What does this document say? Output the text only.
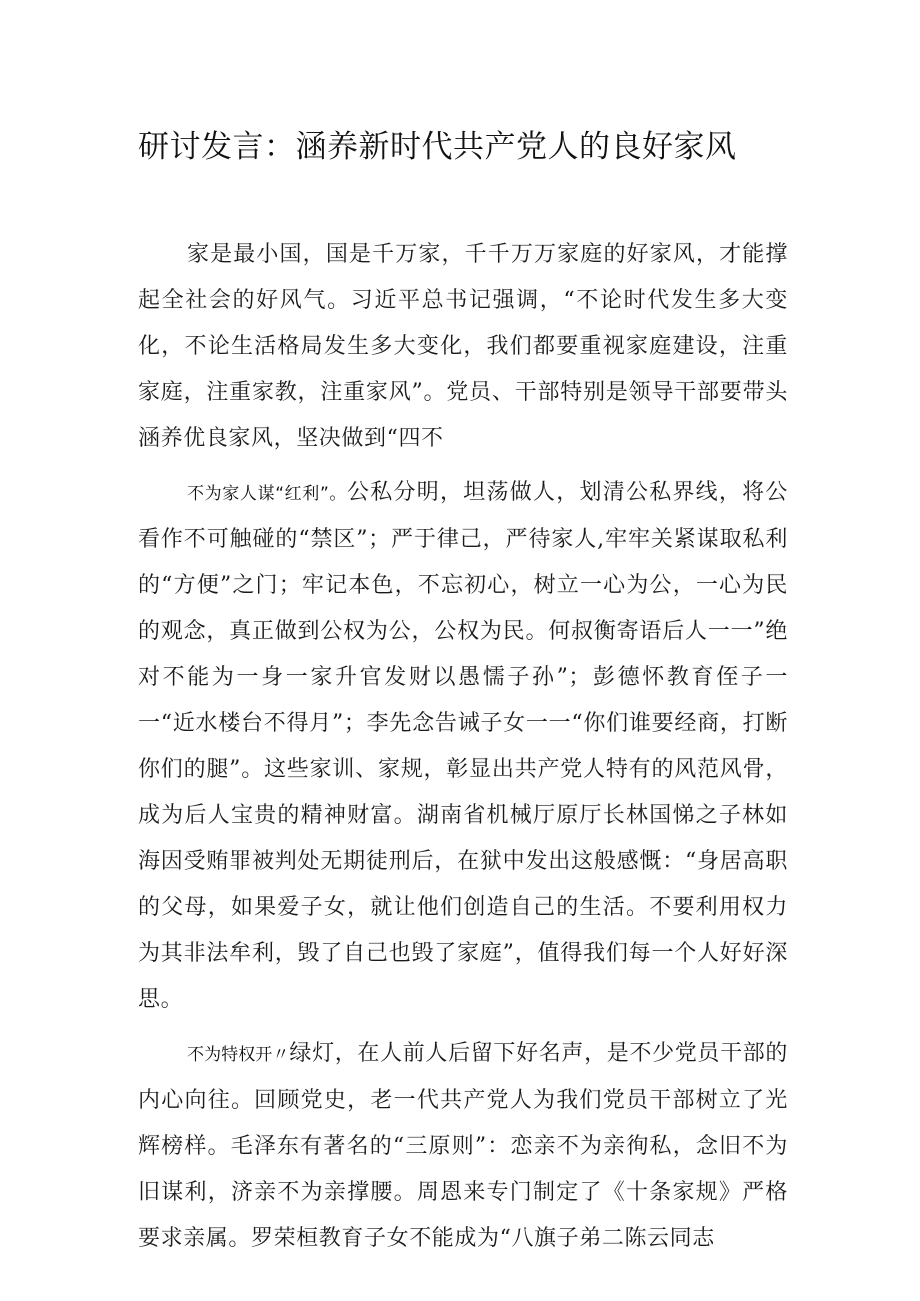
研讨发言：涵养新时代共产党人的良好家风

家是最小国，国是千万家，千千万万家庭的好家风，才能撑起全社会的好风气。习近平总书记强调，“不论时代发生多大变化，不论生活格局发生多大变化，我们都要重视家庭建设，注重家庭，注重家教，注重家风”。党员、干部特别是领导干部要带头涵养优良家风，坚决做到“四不

不为家人谋“红利”。公私分明，坦荡做人，划清公私界线，将公看作不可触碰的“禁区”；严于律己，严待家人,牢牢关紧谋取私利的“方便”之门；牢记本色，不忘初心，树立一心为公，一心为民的观念，真正做到公权为公，公权为民。何叔衡寄语后人一一”绝对不能为一身一家升官发财以愚懦子孙”；彭德怀教育侄子一一“近水楼台不得月”；李先念告诫子女一一“你们谁要经商，打断你们的腿”。这些家训、家规，彰显出共产党人特有的风范风骨，成为后人宝贵的精神财富。湖南省机械厅原厅长林国悌之子林如海因受贿罪被判处无期徒刑后，在狱中发出这般感慨：“身居高职的父母，如果爱子女，就让他们创造自己的生活。不要利用权力为其非法牟利，毁了自己也毁了家庭”，值得我们每一个人好好深思。

不为特权开〃绿灯，在人前人后留下好名声，是不少党员干部的内心向往。回顾党史，老一代共产党人为我们党员干部树立了光辉榜样。毛泽东有著名的“三原则”：恋亲不为亲徇私，念旧不为旧谋利，济亲不为亲撑腰。周恩来专门制定了《十条家规》严格要求亲属。罗荣桓教育子女不能成为“八旗子弟二陈云同志
